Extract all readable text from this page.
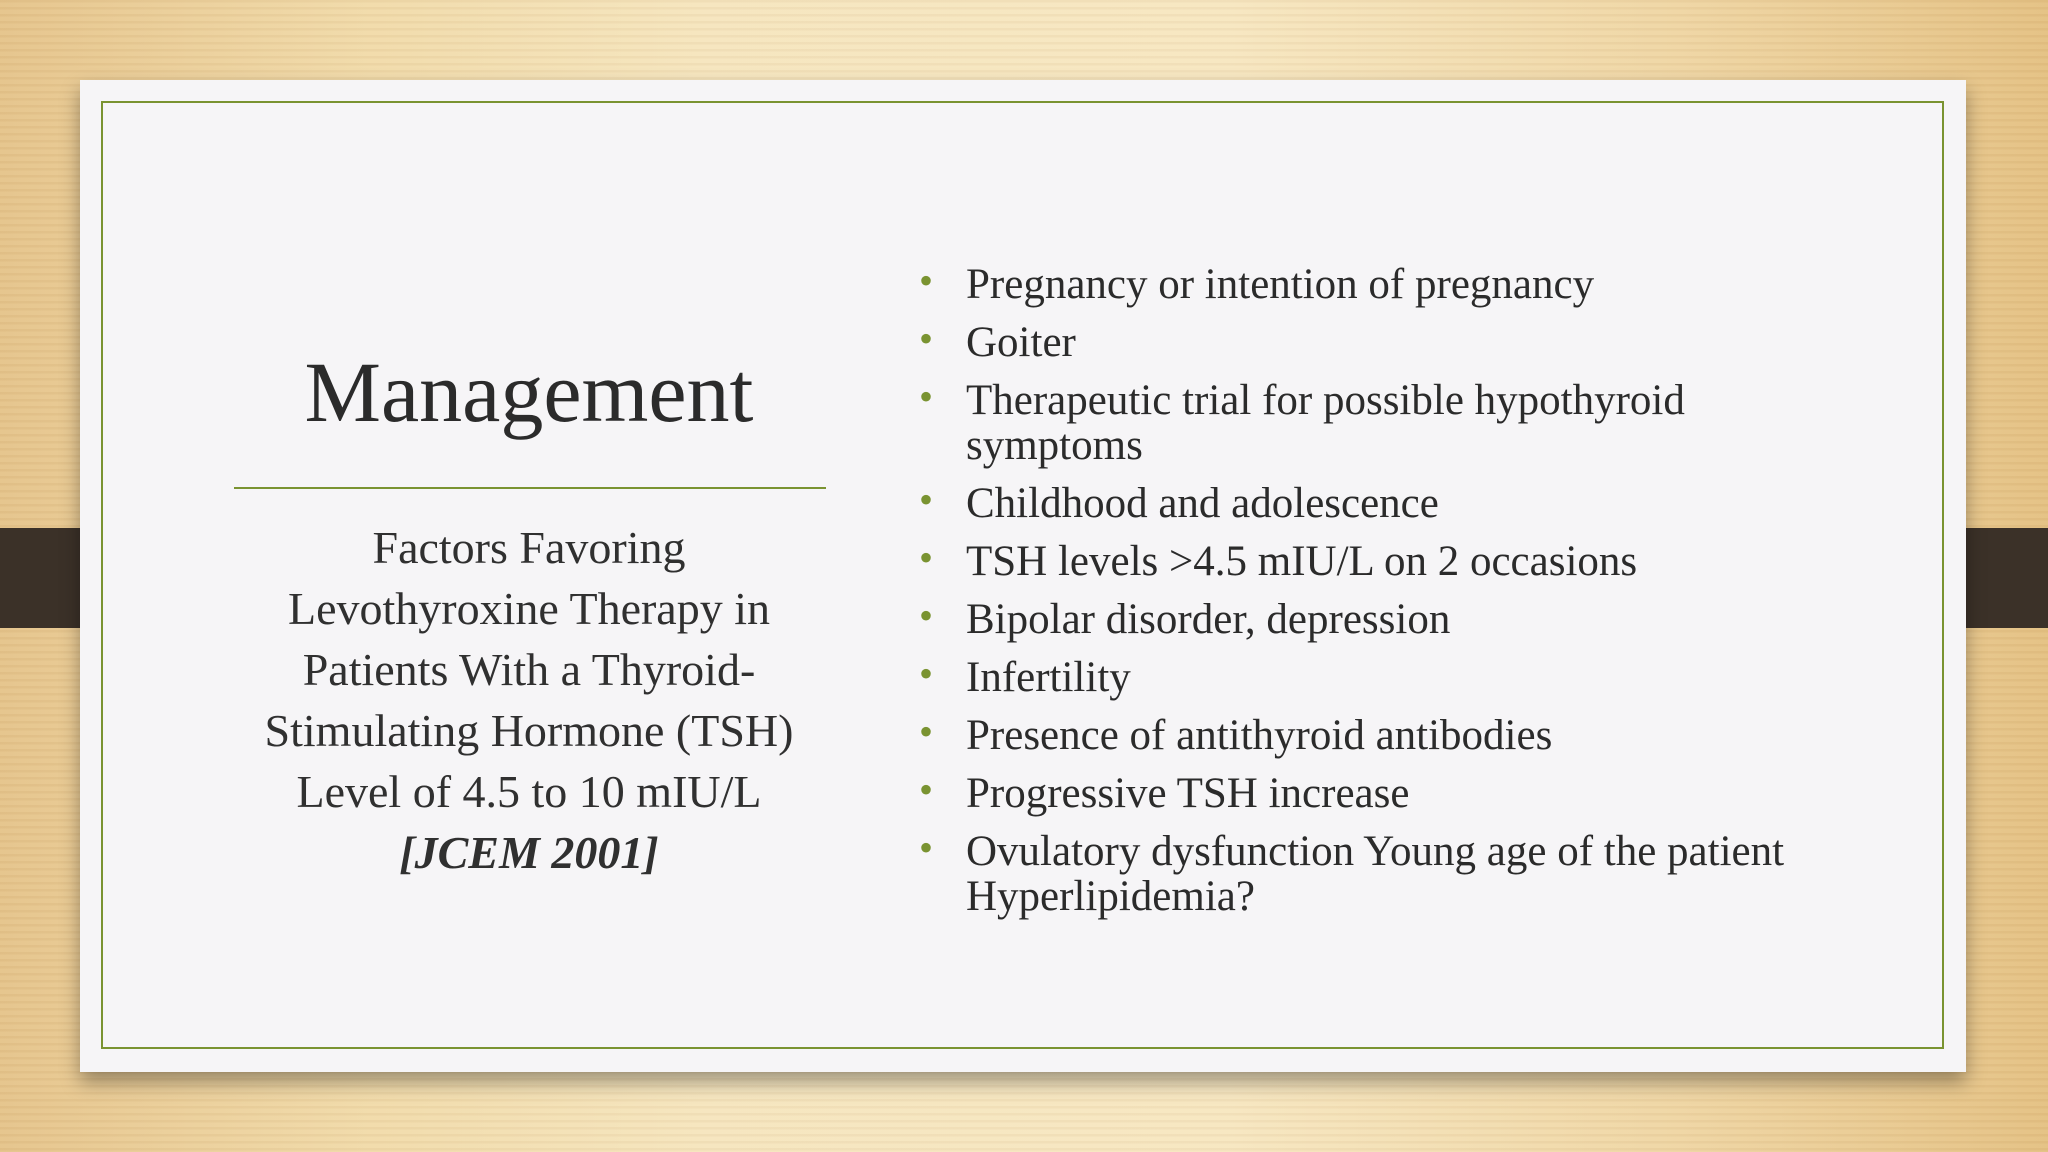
Management
Factors Favoring
Levothyroxine Therapy in
Patients With a Thyroid-
Stimulating Hormone (TSH)
Level of 4.5 to 10 mIU/L
[JCEM 2001]
• Pregnancy or intention of pregnancy
• Goiter
• Therapeutic trial for possible hypothyroid symptoms
• Childhood and adolescence
• TSH levels >4.5 mIU/L on 2 occasions
• Bipolar disorder, depression
• Infertility
• Presence of antithyroid antibodies
• Progressive TSH increase
• Ovulatory dysfunction Young age of the patient Hyperlipidemia?
